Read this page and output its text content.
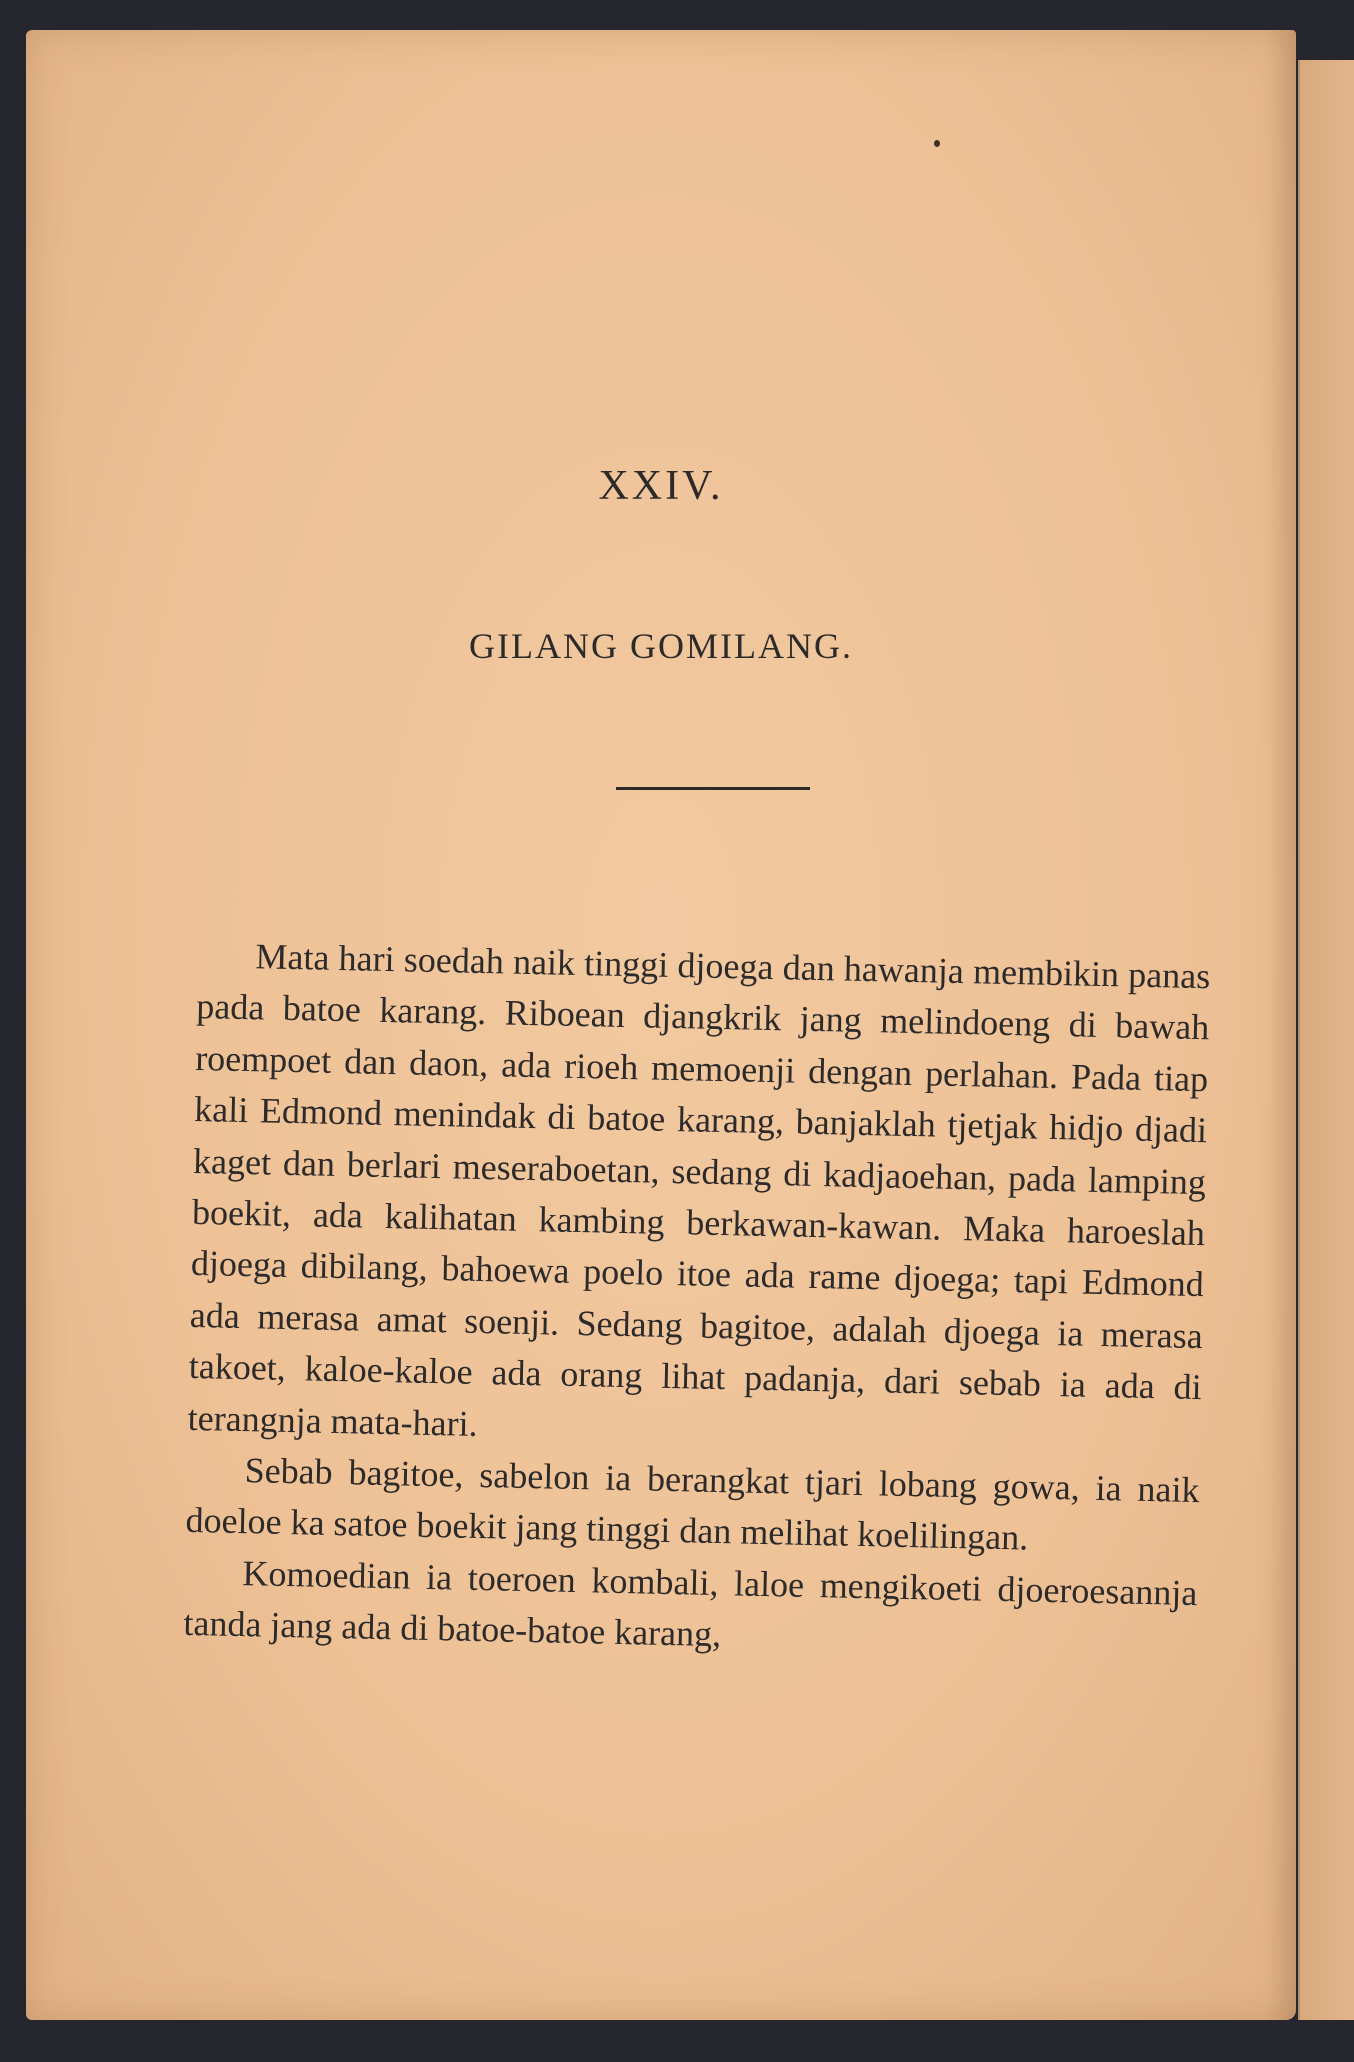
XXIV.
GILANG GOMILANG.

Mata hari soedah naik tinggi djoega dan hawanja membikin panas pada batoe karang. Riboean djangkrik jang melindoeng di bawah roempoet dan daon, ada rioeh memoenji dengan perlahan. Pada tiap kali Edmond menindak di batoe karang, banjaklah tjetjak hidjo djadi kaget dan berlari meseraboetan, sedang di kadjaoehan, pada lamping boekit, ada kalihatan kambing berkawan-kawan. Maka haroeslah djoega dibilang, bahoewa poelo itoe ada rame djoega; tapi Edmond ada merasa amat soenji. Sedang bagitoe, adalah djoega ia merasa takoet, kaloe-kaloe ada orang lihat padanja, dari sebab ia ada di terangnja mata-hari.

Sebab bagitoe, sabelon ia berangkat tjari lobang gowa, ia naik doeloe ka satoe boekit jang tinggi dan melihat koelilingan.

Komoedian ia toeroen kombali, laloe mengikoeti djoeroesannja tanda jang ada di batoe-batoe karang,
